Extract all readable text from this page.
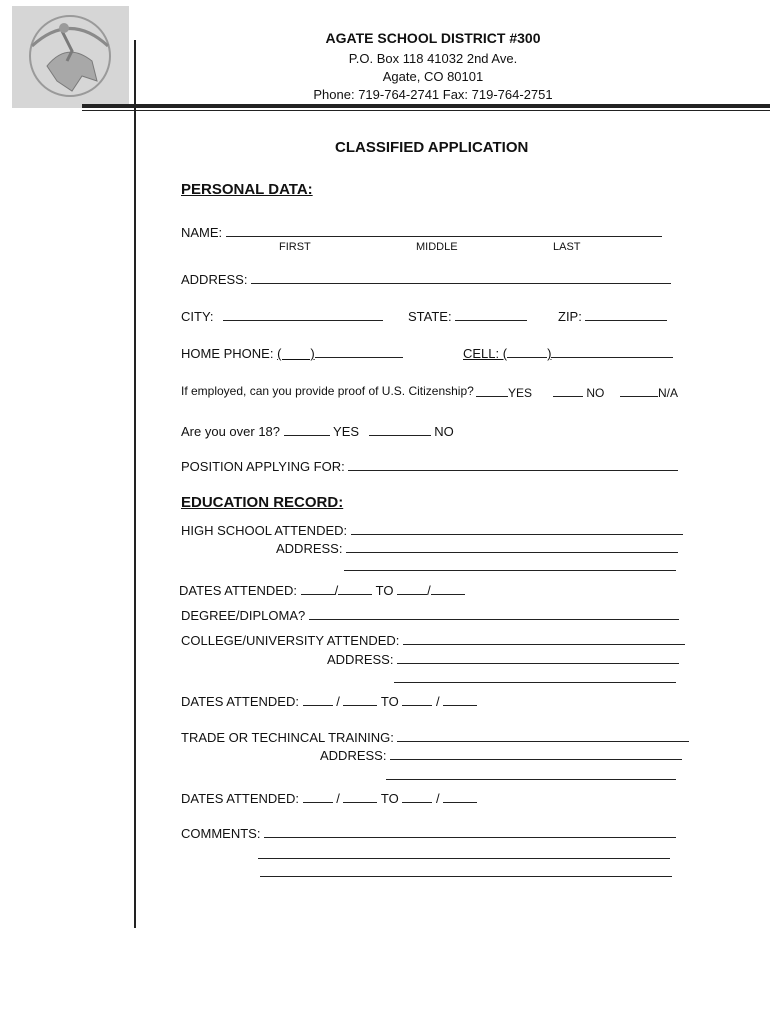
AGATE SCHOOL DISTRICT #300
P.O. Box 118 41032 2nd Ave.
Agate, CO 80101
Phone: 719-764-2741 Fax: 719-764-2751
CLASSIFIED APPLICATION
PERSONAL DATA:
NAME:
FIRST	MIDDLE	LAST
ADDRESS:
CITY:	STATE:	ZIP:
HOME PHONE: (        )	CELL: (	)
If employed, can you provide proof of U.S. Citizenship?	YES	NO	N/A
Are you over 18?	YES	NO
POSITION APPLYING FOR:
EDUCATION RECORD:
HIGH SCHOOL ATTENDED:
ADDRESS:
DATES ATTENDED:	/	TO	/
DEGREE/DIPLOMA?
COLLEGE/UNIVERSITY ATTENDED:
ADDRESS:
DATES ATTENDED:	/	TO	/
TRADE OR TECHINCAL TRAINING:
ADDRESS:
DATES ATTENDED:	/	TO	/
COMMENTS:
